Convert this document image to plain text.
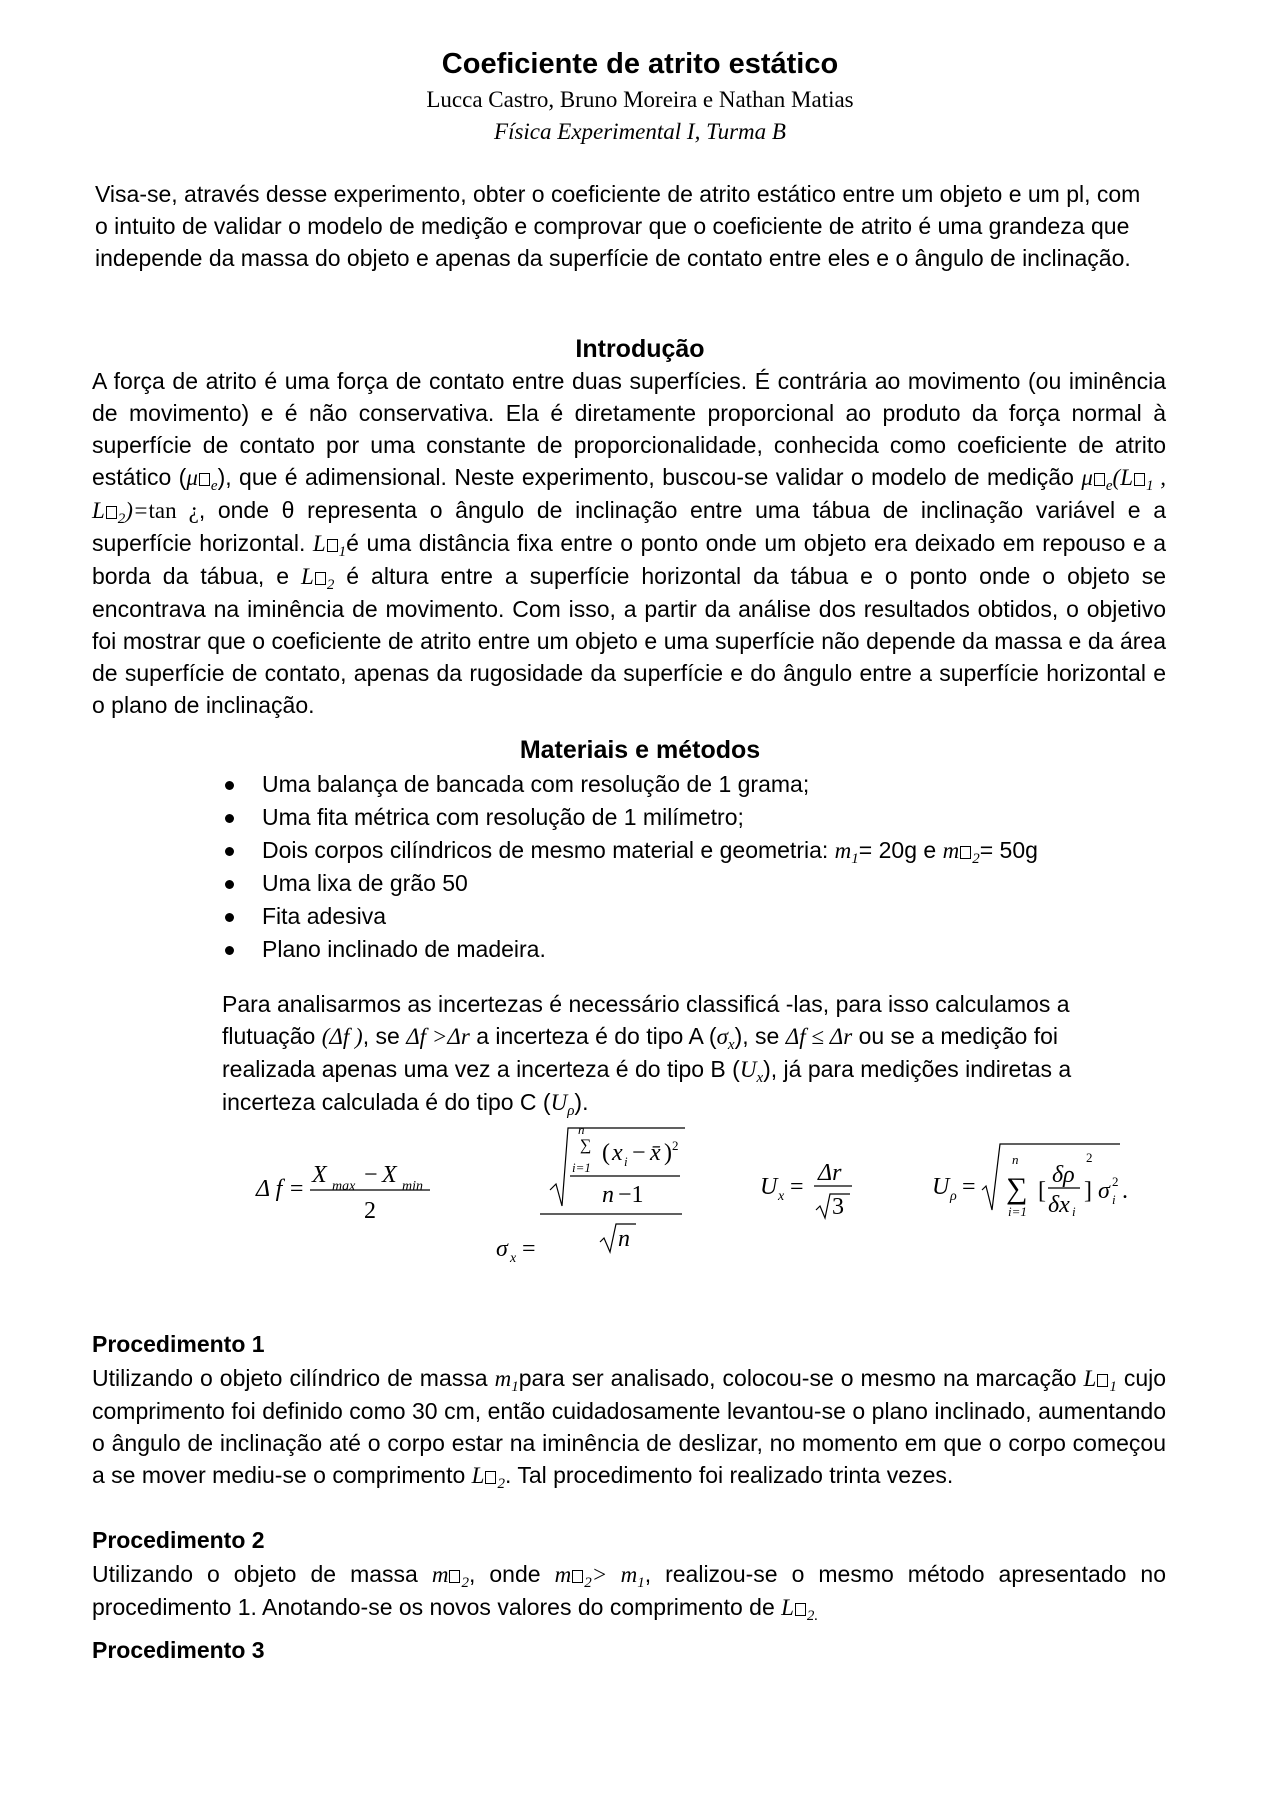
Coeficiente de atrito estático
Lucca Castro, Bruno Moreira e Nathan Matias
Física Experimental I, Turma B

Visa-se, através desse experimento, obter o coeficiente de atrito estático entre um objeto e um pl, com o intuito de validar o modelo de medição e comprovar que o coeficiente de atrito é uma grandeza que independe da massa do objeto e apenas da superfície de contato entre eles e o ângulo de inclinação.

Introdução

A força de atrito é uma força de contato entre duas superfícies. É contrária ao movimento (ou iminência de movimento) e é não conservativa. Ela é diretamente proporcional ao produto da força normal à superfície de contato por uma constante de proporcionalidade, conhecida como coeficiente de atrito estático (μ $_e$), que é adimensional. Neste experimento, buscou-se validar o modelo de medição μ $_e$(L $_1$ , L $_2$)=tan ¿, onde θ representa o ângulo de inclinação entre uma tábua de inclinação variável e a superfície horizontal. L $_1$é uma distância fixa entre o ponto onde um objeto era deixado em repouso e a borda da tábua, e L $_2$ é altura entre a superfície horizontal da tábua e o ponto onde o objeto se encontrava na iminência de movimento. Com isso, a partir da análise dos resultados obtidos, o objetivo foi mostrar que o coeficiente de atrito entre um objeto e uma superfície não depende da massa e da área de superfície de contato, apenas da rugosidade da superfície e do ângulo entre a superfície horizontal e o plano de inclinação.

Materiais e métodos
Uma balança de bancada com resolução de 1 grama;
Uma fita métrica com resolução de 1 milímetro;
Dois corpos cilíndricos de mesmo material e geometria: $m_1= 20g$ e m $_2$= 50g
Uma lixa de grão 50
Fita adesiva
Plano inclinado de madeira.

Para analisarmos as incertezas é necessário classificá -las, para isso calculamos a flutuação (Δf ), se Δf >Δr a incerteza é do tipo A $(\sigma_x)$, se Δf ≤ Δr ou se a medição foi realizada apenas uma vez a incerteza é do tipo B $(U_x)$, já para medições indiretas a incerteza calculada é do tipo C $(U_\rho)$.

Δ f =
X max − X min
2
σ x =
∑
n
i=1
( x i − x̄ ) 2
n −1
n
U x =
Δr
3
U ρ = ∑
n
i=1
[
δρ
δx i
]
2
σ 2
i .
Procedimento 1

Utilizando o objeto cilíndrico de massa $m_1para$ ser analisado, colocou-se o mesmo na marcação L $_1$ cujo comprimento foi definido como 30 cm, então cuidadosamente levantou-se o plano inclinado, aumentando o ângulo de inclinação até o corpo estar na iminência de deslizar, no momento em que o corpo começou a se mover mediu-se o comprimento L $_2$. Tal procedimento foi realizado trinta vezes.

Procedimento 2

Utilizando o objeto de massa m $_2$, onde m $_2> m_1$, realizou-se o mesmo método apresentado no procedimento 1. Anotando-se os novos valores do comprimento de L $_{2.}$

Procedimento 3
